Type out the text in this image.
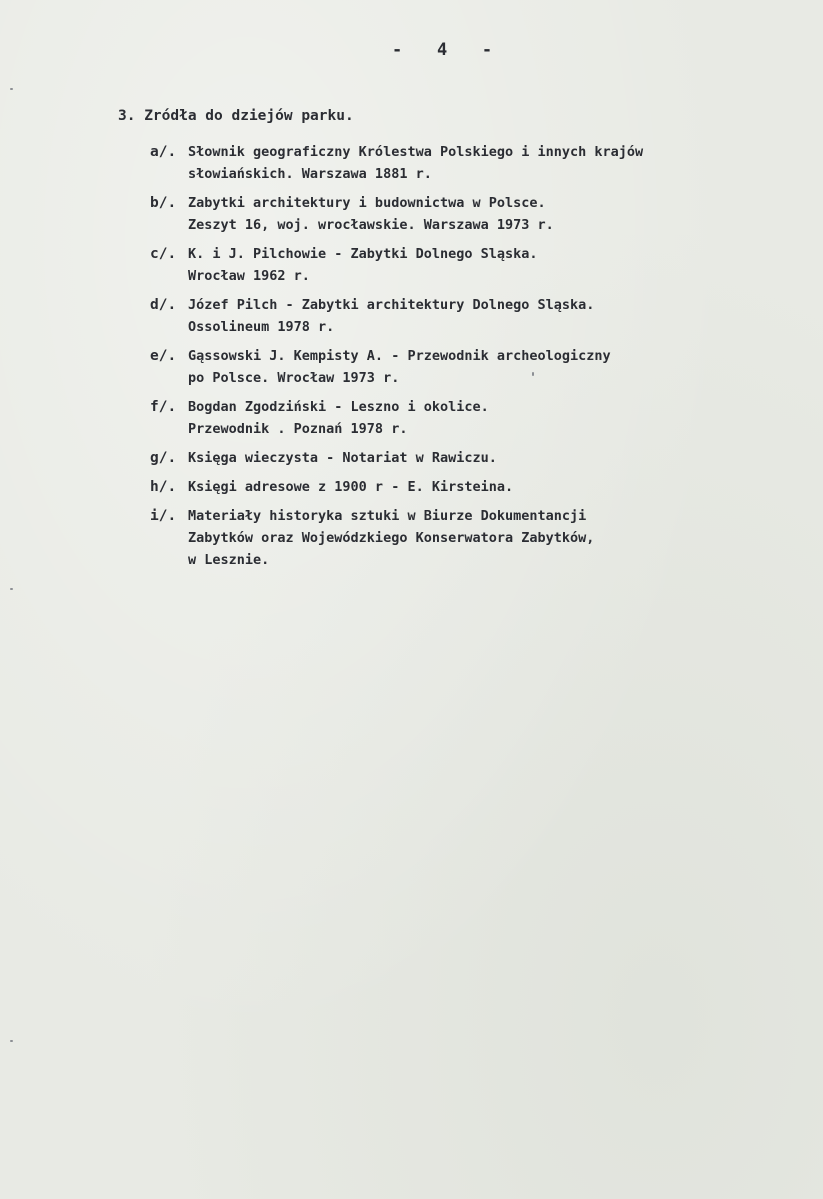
-   4   -
3. Zródła do dziejów parku.
a/. Słownik geograficzny Królestwa Polskiego i innych krajów
słowiańskich. Warszawa 1881 r.
b/. Zabytki architektury i budownictwa w Polsce.
Zeszyt 16, woj. wrocławskie. Warszawa 1973 r.
c/. K. i J. Pilchowie - Zabytki Dolnego Sląska.
Wrocław 1962 r.
d/. Józef Pilch - Zabytki architektury Dolnego Sląska.
Ossolineum 1978 r.
e/. Gąssowski J. Kempisty A. - Przewodnik archeologiczny
po Polsce. Wrocław 1973 r.
f/. Bogdan Zgodziński - Leszno i okolice.
Przewodnik . Poznań 1978 r.
g/. Księga wieczysta - Notariat w Rawiczu.
h/. Księgi adresowe z 1900 r - E. Kirsteina.
i/. Materiały historyka sztuki w Biurze Dokumentancji
Zabytków oraz Wojewódzkiego Konserwatora Zabytków,
w Lesznie.
